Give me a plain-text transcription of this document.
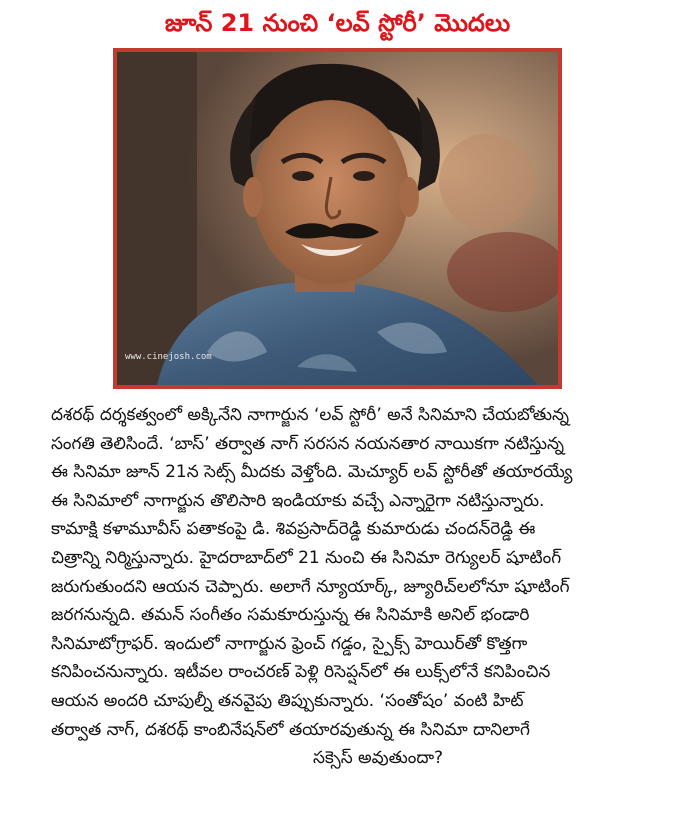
జూన్ 21 నుంచి ‘లవ్ స్టోరీ’ మొదలు
www.cinejosh.com
దశరథ్ దర్శకత్వంలో అక్కినేని నాగార్జున ‘లవ్ స్టోరీ’ అనే సినిమాని చేయబోతున్న
సంగతి తెలిసిందే. ‘బాస్’ తర్వాత నాగ్ సరసన నయనతార నాయికగా నటిస్తున్న
ఈ సినిమా జూన్ 21న సెట్స్ మీదకు వెళ్తోంది. మెచ్యూర్ లవ్ స్టోరీతో తయారయ్యే
ఈ సినిమాలో నాగార్జున తొలిసారి ఇండియాకు వచ్చే ఎన్నారైగా నటిస్తున్నారు.
కామాక్షి కళామూవీస్ పతాకంపై డి. శివప్రసాద్‌రెడ్డి కుమారుడు చందన్‌రెడ్డి ఈ
చిత్రాన్ని నిర్మిస్తున్నారు. హైదరాబాద్‌లో 21 నుంచి ఈ సినిమా రెగ్యులర్ షూటింగ్
జరుగుతుందని ఆయన చెప్పారు. అలాగే న్యూయార్క్, జ్యూరిచ్‌లలోనూ షూటింగ్
జరగనున్నది. తమన్ సంగీతం సమకూరుస్తున్న ఈ సినిమాకి అనిల్ భండారి
సినిమాటోగ్రాఫర్. ఇందులో నాగార్జున ఫ్రెంచ్ గడ్డం, స్పైక్స్ హెయిర్‌తో కొత్తగా
కనిపించనున్నారు. ఇటీవల రాంచరణ్ పెళ్లి రిసెప్షన్‌లో ఈ లుక్స్‌లోనే కనిపించిన
ఆయన అందరి చూపుల్నీ తనవైపు తిప్పుకున్నారు. ‘సంతోషం’ వంటి హిట్
తర్వాత నాగ్, దశరథ్ కాంబినేషన్‌లో తయారవుతున్న ఈ సినిమా దానిలాగే
సక్సెస్ అవుతుందా?
